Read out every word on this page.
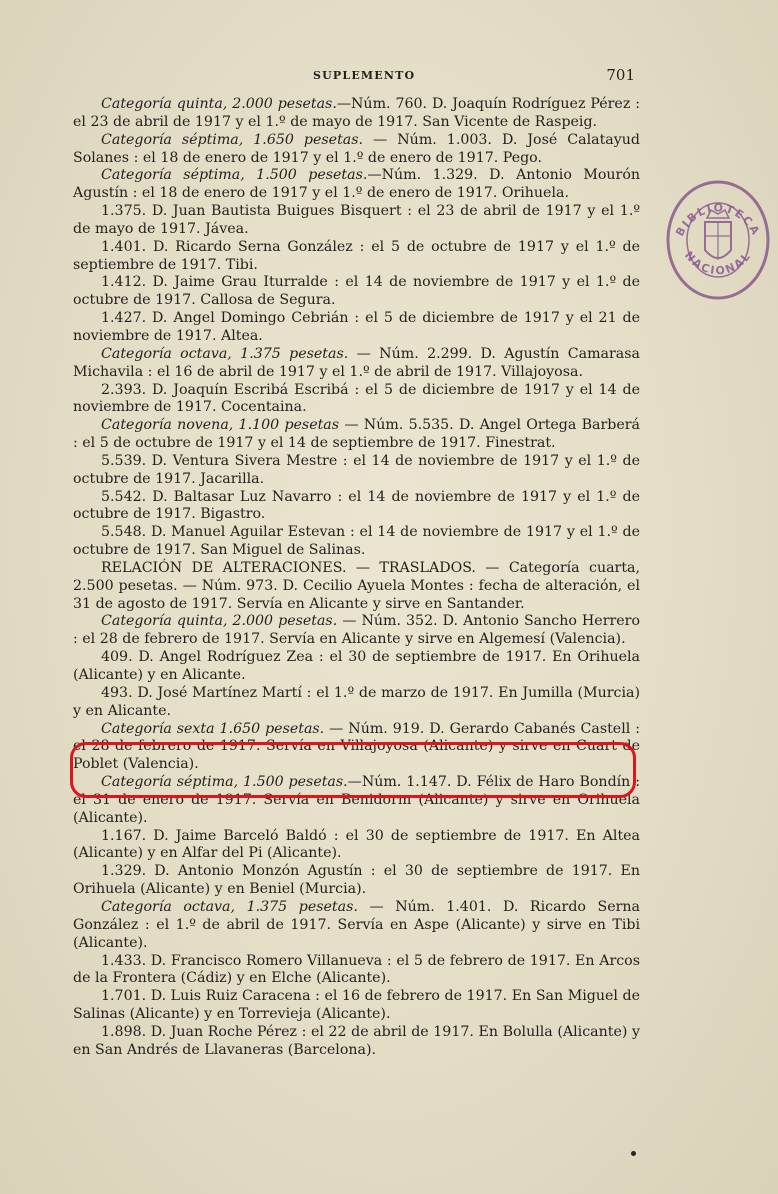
SUPLEMENTO	701

Categoría quinta, 2.000 pesetas.—Núm. 760. D. Joaquín Rodríguez Pérez : el 23 de abril de 1917 y el 1.º de mayo de 1917. San Vicente de Raspeig.

Categoría séptima, 1.650 pesetas. — Núm. 1.003. D. José Calatayud Solanes : el 18 de enero de 1917 y el 1.º de enero de 1917. Pego.

Categoría séptima, 1.500 pesetas.—Núm. 1.329. D. Antonio Mourón Agustín : el 18 de enero de 1917 y el 1.º de enero de 1917. Orihuela.

1.375. D. Juan Bautista Buigues Bisquert : el 23 de abril de 1917 y el 1.º de mayo de 1917. Jávea.

1.401. D. Ricardo Serna González : el 5 de octubre de 1917 y el 1.º de septiembre de 1917. Tibi.

1.412. D. Jaime Grau Iturralde : el 14 de noviembre de 1917 y el 1.º de octubre de 1917. Callosa de Segura.

1.427. D. Angel Domingo Cebrián : el 5 de diciembre de 1917 y el 21 de noviembre de 1917. Altea.

Categoría octava, 1.375 pesetas. — Núm. 2.299. D. Agustín Camarasa Michavila : el 16 de abril de 1917 y el 1.º de abril de 1917. Villajoyosa.

2.393. D. Joaquín Escribá Escribá : el 5 de diciembre de 1917 y el 14 de noviembre de 1917. Cocentaina.

Categoría novena, 1.100 pesetas — Núm. 5.535. D. Angel Ortega Barberá : el 5 de octubre de 1917 y el 14 de septiembre de 1917. Finestrat.

5.539. D. Ventura Sivera Mestre : el 14 de noviembre de 1917 y el 1.º de octubre de 1917. Jacarilla.

5.542. D. Baltasar Luz Navarro : el 14 de noviembre de 1917 y el 1.º de octubre de 1917. Bigastro.

5.548. D. Manuel Aguilar Estevan : el 14 de noviembre de 1917 y el 1.º de octubre de 1917. San Miguel de Salinas.

RELACIÓN DE ALTERACIONES. — TRASLADOS. — Categoría cuarta, 2.500 pesetas. — Núm. 973. D. Cecilio Ayuela Montes : fecha de alteración, el 31 de agosto de 1917. Servía en Alicante y sirve en Santander.

Categoría quinta, 2.000 pesetas. — Núm. 352. D. Antonio Sancho Herrero : el 28 de febrero de 1917. Servía en Alicante y sirve en Algemesí (Valencia).

409. D. Angel Rodríguez Zea : el 30 de septiembre de 1917. En Orihuela (Alicante) y en Alicante.

493. D. José Martínez Martí : el 1.º de marzo de 1917. En Jumilla (Murcia) y en Alicante.

Categoría sexta 1.650 pesetas. — Núm. 919. D. Gerardo Cabanés Castell : el 28 de febrero de 1917. Servía en Villajoyosa (Alicante) y sirve en Cuart de Poblet (Valencia).

Categoría séptima, 1.500 pesetas.—Núm. 1.147. D. Félix de Haro Bondín : el 31 de enero de 1917. Servía en Benidorm (Alicante) y sirve en Orihuela (Alicante).

1.167. D. Jaime Barceló Baldó : el 30 de septiembre de 1917. En Altea (Alicante) y en Alfar del Pi (Alicante).

1.329. D. Antonio Monzón Agustín : el 30 de septiembre de 1917. En Orihuela (Alicante) y en Beniel (Murcia).

Categoría octava, 1.375 pesetas. — Núm. 1.401. D. Ricardo Serna González : el 1.º de abril de 1917. Servía en Aspe (Alicante) y sirve en Tibi (Alicante).

1.433. D. Francisco Romero Villanueva : el 5 de febrero de 1917. En Arcos de la Frontera (Cádiz) y en Elche (Alicante).

1.701. D. Luis Ruiz Caracena : el 16 de febrero de 1917. En San Miguel de Salinas (Alicante) y en Torrevieja (Alicante).

1.898. D. Juan Roche Pérez : el 22 de abril de 1917. En Bolulla (Alicante) y en San Andrés de Llavaneras (Barcelona).

BIBLIOTECA
NACIONAL
